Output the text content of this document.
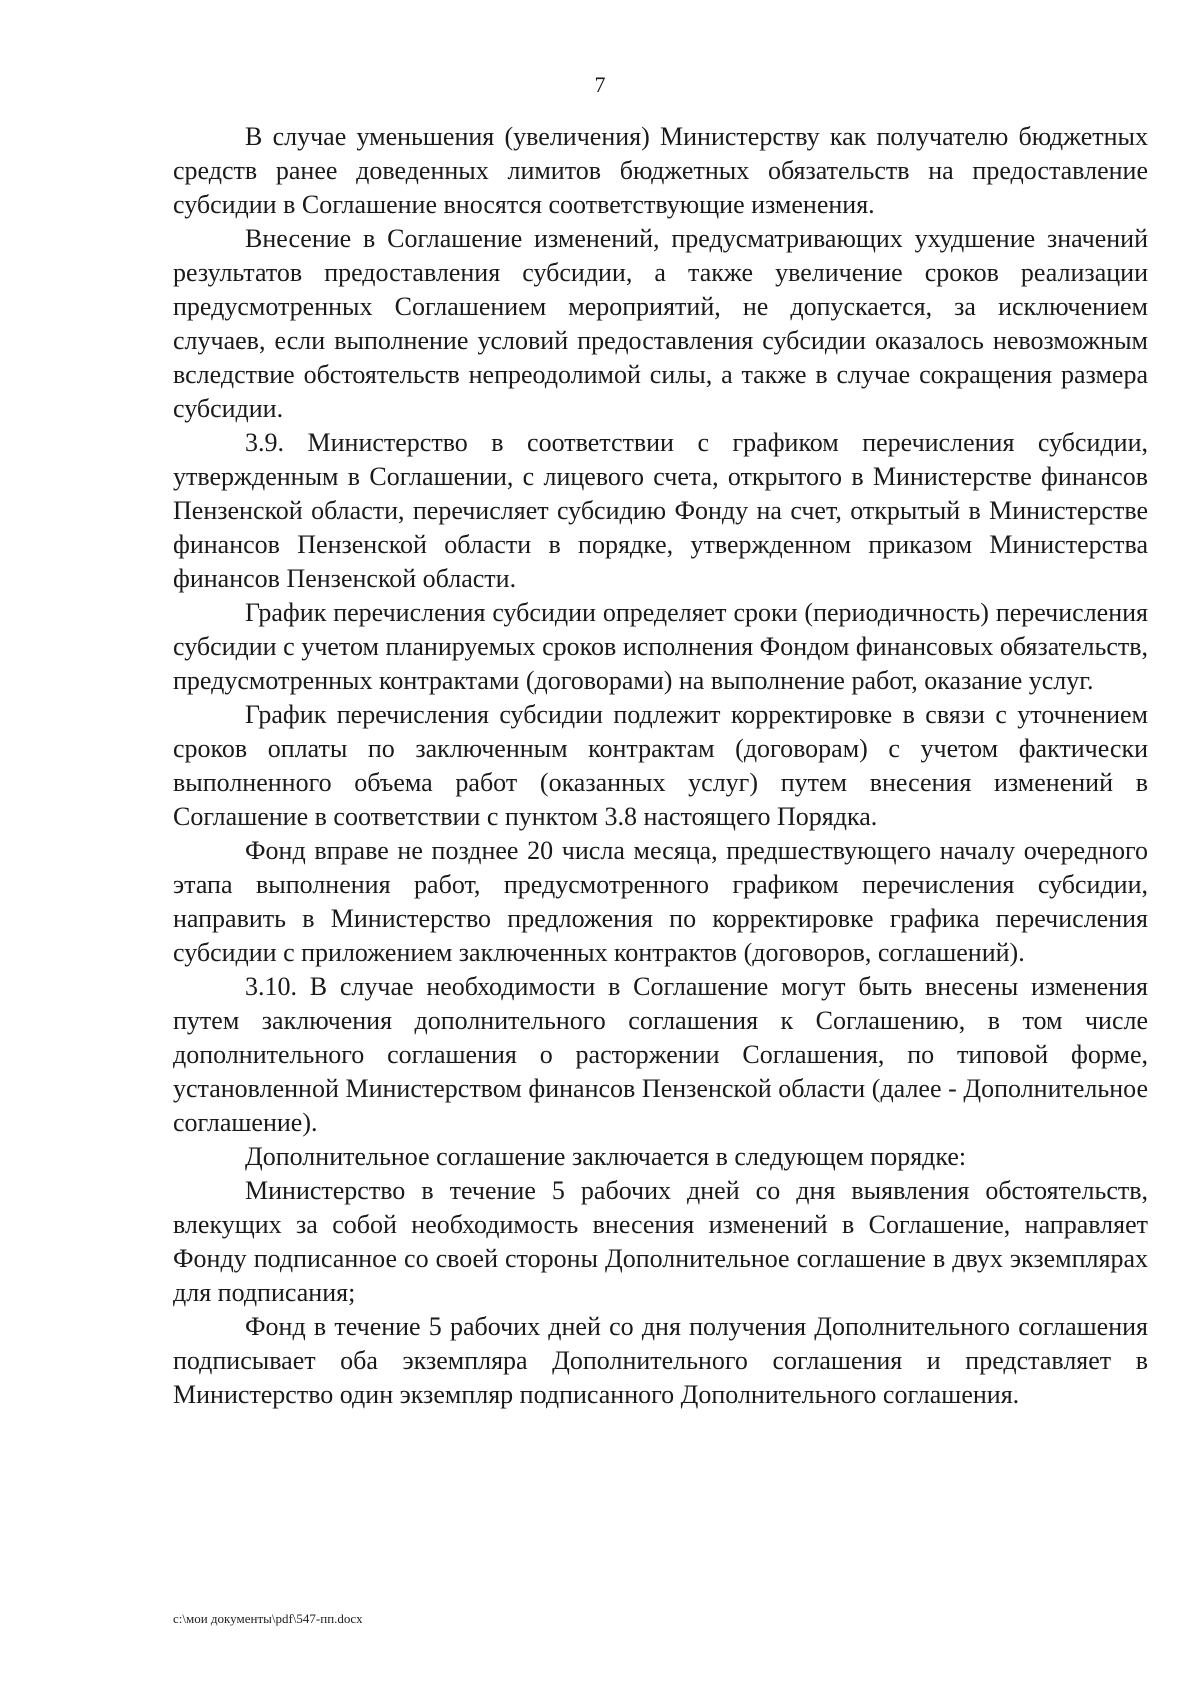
7

В случае уменьшения (увеличения) Министерству как получателю бюджетных средств ранее доведенных лимитов бюджетных обязательств на предоставление субсидии в Соглашение вносятся соответствующие изменения.

Внесение в Соглашение изменений, предусматривающих ухудшение значений результатов предоставления субсидии, а также увеличение сроков реализации предусмотренных Соглашением мероприятий, не допускается, за исключением случаев, если выполнение условий предоставления субсидии оказалось невозможным вследствие обстоятельств непреодолимой силы, а также в случае сокращения размера субсидии.

3.9. Министерство в соответствии с графиком перечисления субсидии, утвержденным в Соглашении, с лицевого счета, открытого в Министерстве финансов Пензенской области, перечисляет субсидию Фонду на счет, открытый в Министерстве финансов Пензенской области в порядке, утвержденном приказом Министерства финансов Пензенской области.

График перечисления субсидии определяет сроки (периодичность) перечисления субсидии с учетом планируемых сроков исполнения Фондом финансовых обязательств, предусмотренных контрактами (договорами) на выполнение работ, оказание услуг.

График перечисления субсидии подлежит корректировке в связи с уточнением сроков оплаты по заключенным контрактам (договорам) с учетом фактически выполненного объема работ (оказанных услуг) путем внесения изменений в Соглашение в соответствии с пунктом 3.8 настоящего Порядка.

Фонд вправе не позднее 20 числа месяца, предшествующего началу очередного этапа выполнения работ, предусмотренного графиком перечисления субсидии, направить в Министерство предложения по корректировке графика перечисления субсидии с приложением заключенных контрактов (договоров, соглашений).

3.10. В случае необходимости в Соглашение могут быть внесены изменения путем заключения дополнительного соглашения к Соглашению, в том числе дополнительного соглашения о расторжении Соглашения, по типовой форме, установленной Министерством финансов Пензенской области (далее - Дополнительное соглашение).

Дополнительное соглашение заключается в следующем порядке:

Министерство в течение 5 рабочих дней со дня выявления обстоятельств, влекущих за собой необходимость внесения изменений в Соглашение, направляет Фонду подписанное со своей стороны Дополнительное соглашение в двух экземплярах для подписания;

Фонд в течение 5 рабочих дней со дня получения Дополнительного соглашения подписывает оба экземпляра Дополнительного соглашения и представляет в Министерство один экземпляр подписанного Дополнительного соглашения.

c:\мои документы\pdf\547-пп.docx
